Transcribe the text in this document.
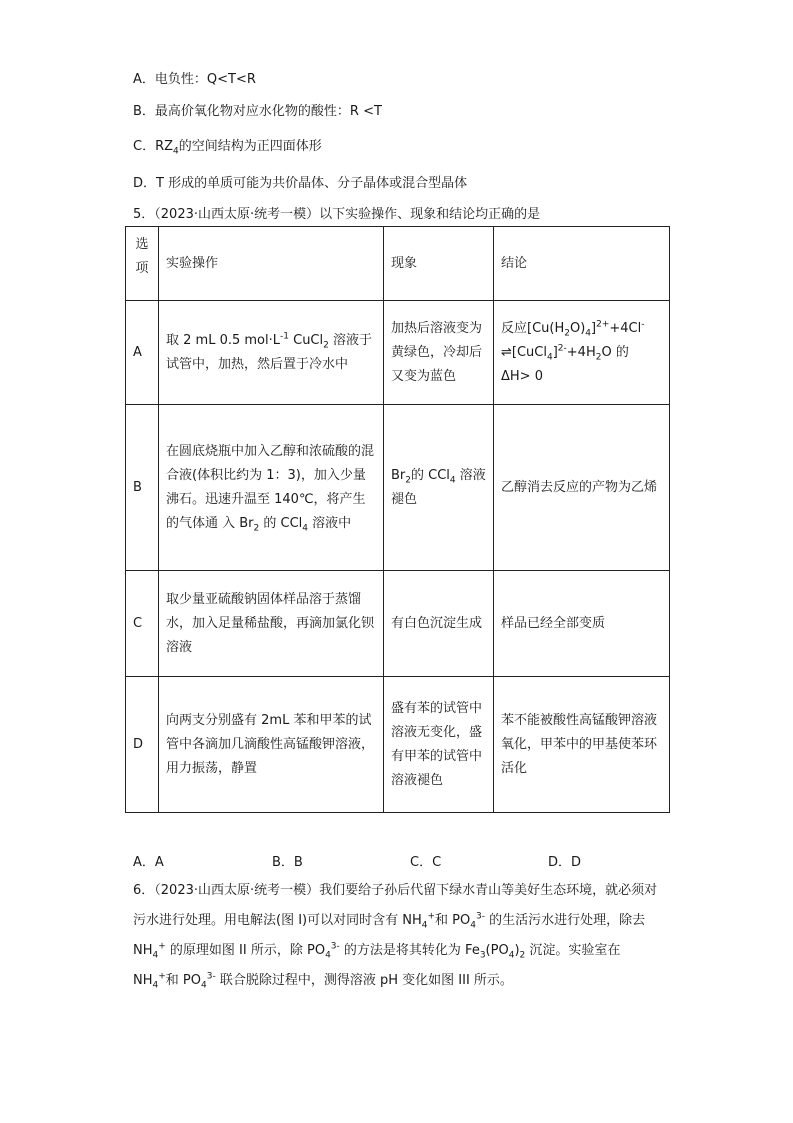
A．电负性：Q<T<R
B．最高价氧化物对应水化物的酸性：R <T
C．$RZ_4$的空间结构为正四面体形
D．T 形成的单质可能为共价晶体、分子晶体或混合型晶体
5．（2023·山西太原·统考一模）以下实验操作、现象和结论均正确的是
选
项	实验操作	现象	结论
A	取 2 mL 0.5 $mol\cdot L^{-1}$ CuCl$_2$ 溶液于试管中，加热，然后置于冷水中	加热后溶液变为黄绿色，冷却后又变为蓝色	反应$[Cu(H_2O)_4]^{2+}+4Cl^-$ $\rightleftharpoons[CuCl_4]^{2-}+4H_2O$ 的 ΔH> 0
B	在圆底烧瓶中加入乙醇和浓硫酸的混合液(体积比约为 1：3)，加入少量沸石。迅速升温至 140℃，将产生的气体通 入 $Br_2$ 的 CCl$_4$ 溶液中	$Br_2$的 CCl$_4$ 溶液褪色	乙醇消去反应的产物为乙烯
C	取少量亚硫酸钠固体样品溶于蒸馏水，加入足量稀盐酸，再滴加氯化钡溶液	有白色沉淀生成	样品已经全部变质
D	向两支分别盛有 2mL 苯和甲苯的试 管中各滴加几滴酸性高锰酸钾溶液，用力振荡，静置	盛有苯的试管中溶液无变化，盛有甲苯的试管中溶液褪色	苯不能被酸性高锰酸钾溶液氧化，甲苯中的甲基使苯环活化
A．A	B．B	C．C	D．D
6．（2023·山西太原·统考一模）我们要给子孙后代留下绿水青山等美好生态环境，就必须对污水进行处理。用电解法(图 I)可以对同时含有 $NH_4^+$和 $PO_4^{3-}$ 的生活污水进行处理，除去 $NH_4^+$ 的原理如图 II 所示，除 $PO_4^{3-}$ 的方法是将其转化为 $Fe_3(PO_4)_2$ 沉淀。实验室在 $NH_4^+$和 $PO_4^{3-}$ 联合脱除过程中，测得溶液 pH 变化如图 III 所示。
